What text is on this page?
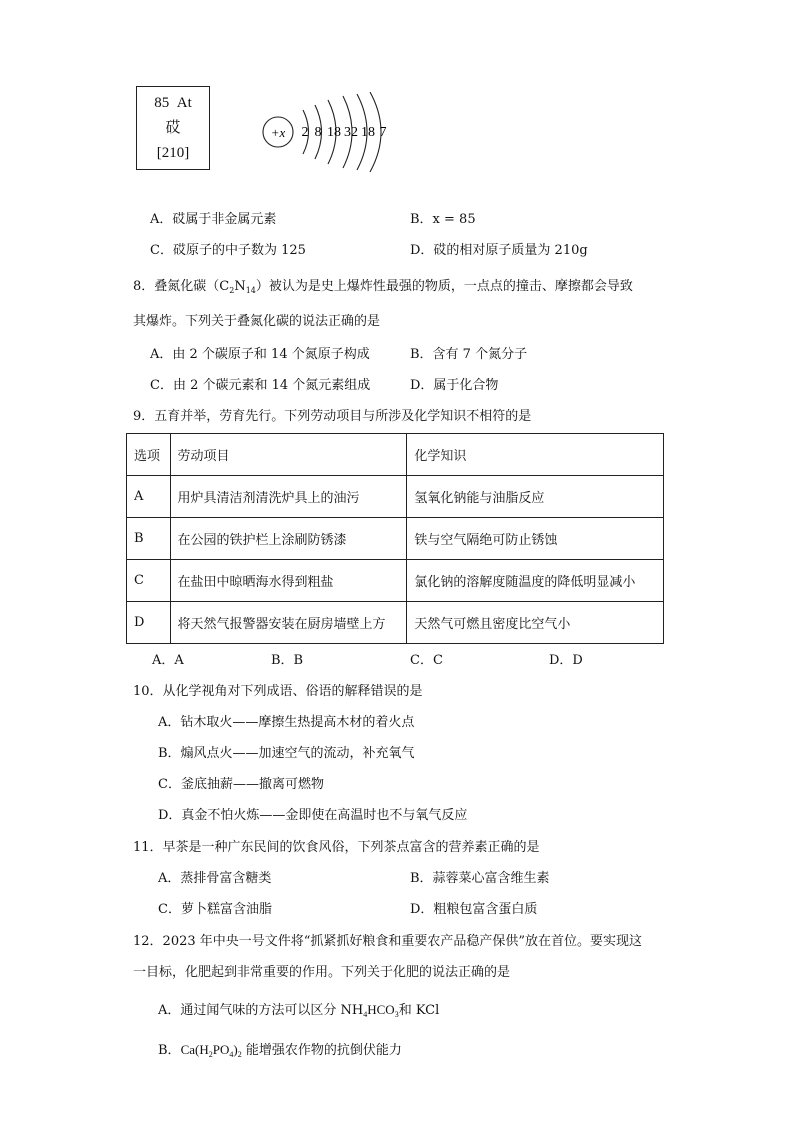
85 At
砹
[210]
+x 2 8 18 32 18 7
A．砹属于非金属元素	B．x = 85
C．砹原子的中子数为 125	D．砹的相对原子质量为 210g
8．叠氮化碳$(C_2N_{14})$被认为是史上爆炸性最强的物质，一点点的撞击、摩擦都会导致
其爆炸。下列关于叠氮化碳的说法正确的是
A．由 2 个碳原子和 14 个氮原子构成	B．含有 7 个氮分子
C．由 2 个碳元素和 14 个氮元素组成	D．属于化合物
9．五育并举，劳育先行。下列劳动项目与所涉及化学知识不相符的是
选项	劳动项目	化学知识
A	用炉具清洁剂清洗炉具上的油污	氢氧化钠能与油脂反应
B	在公园的铁护栏上涂刷防锈漆	铁与空气隔绝可防止锈蚀
C	在盐田中晾晒海水得到粗盐	氯化钠的溶解度随温度的降低明显减小
D	将天然气报警器安装在厨房墙壁上方	天然气可燃且密度比空气小
A．A	B．B	C．C	D．D
10．从化学视角对下列成语、俗语的解释错误的是
A．钻木取火——摩擦生热提高木材的着火点
B．煽风点火——加速空气的流动，补充氧气
C．釜底抽薪——撤离可燃物
D．真金不怕火炼——金即使在高温时也不与氧气反应
11．早茶是一种广东民间的饮食风俗，下列茶点富含的营养素正确的是
A．蒸排骨富含糖类	B．蒜蓉菜心富含维生素
C．萝卜糕富含油脂	D．粗粮包富含蛋白质
12．2023 年中央一号文件将“抓紧抓好粮食和重要农产品稳产保供”放在首位。要实现这
一目标，化肥起到非常重要的作用。下列关于化肥的说法正确的是
A．通过闻气味的方法可以区分 $NH_4HCO_3$和 KCl
B．$Ca(H_2PO_4)_2$ 能增强农作物的抗倒伏能力
